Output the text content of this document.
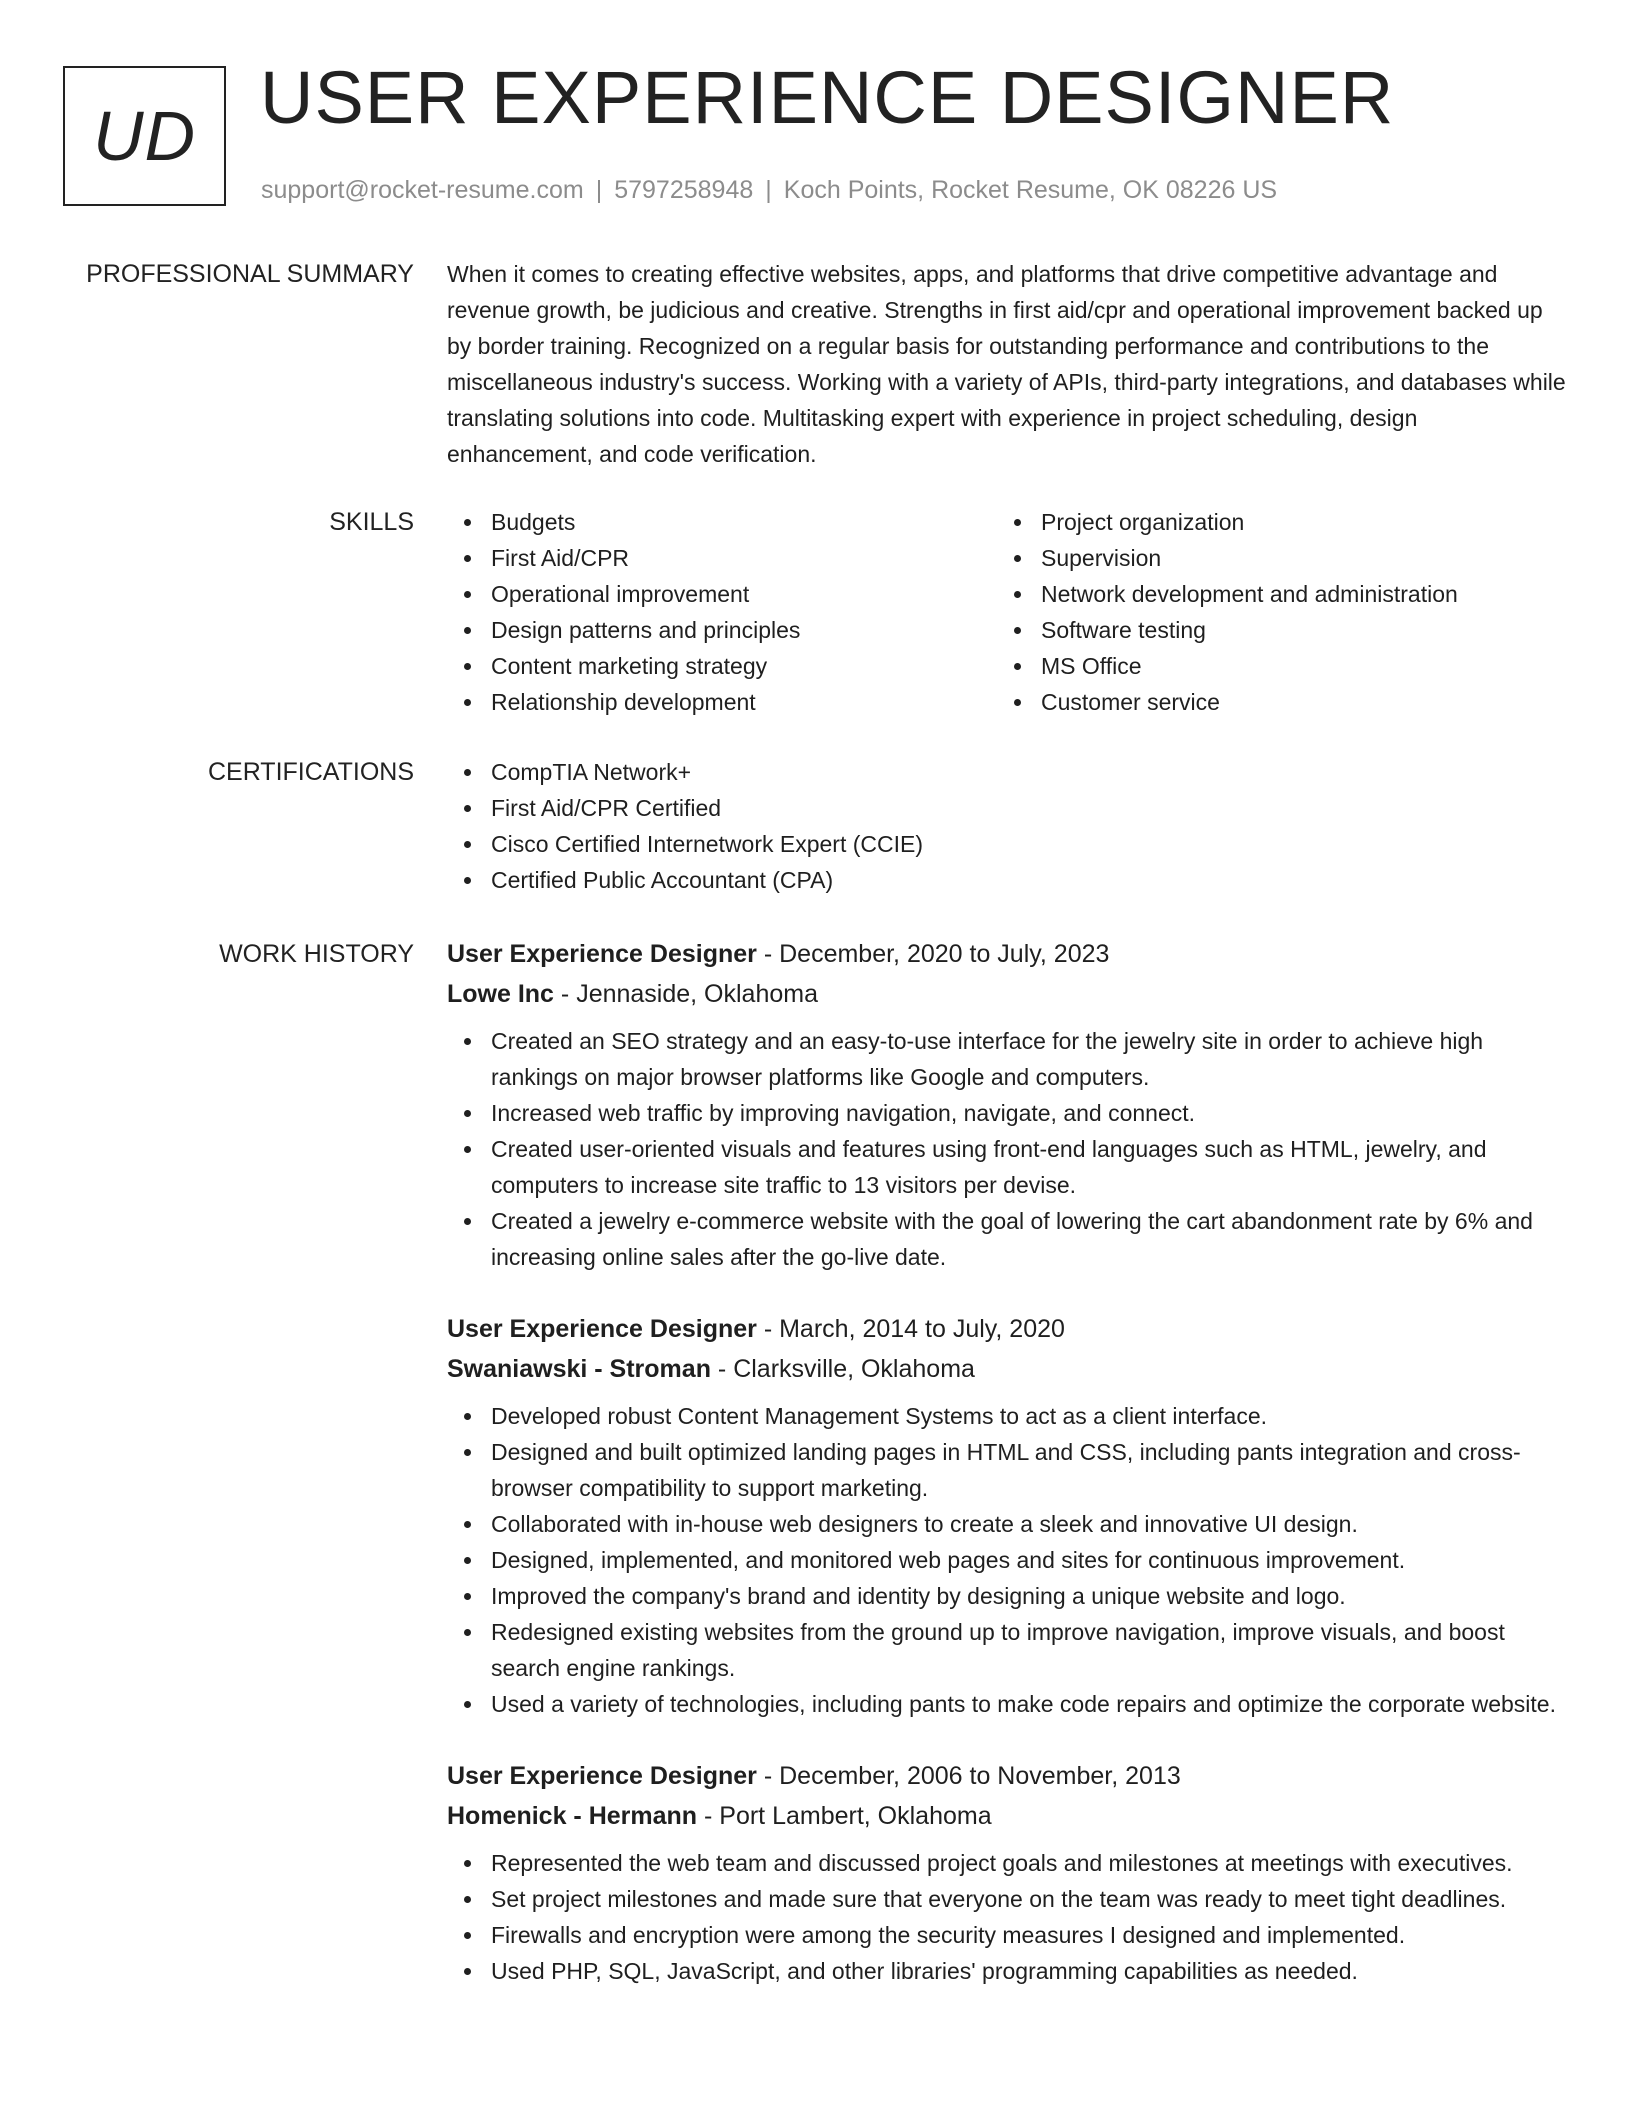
UD USER EXPERIENCE DESIGNER
support@rocket-resume.com | 5797258948 | Koch Points, Rocket Resume, OK 08226 US
PROFESSIONAL SUMMARY When it comes to creating effective websites, apps, and platforms that drive competitive advantage and revenue growth, be judicious and creative. Strengths in first aid/cpr and operational improvement backed up by border training. Recognized on a regular basis for outstanding performance and contributions to the miscellaneous industry's success. Working with a variety of APIs, third-party integrations, and databases while translating solutions into code. Multitasking expert with experience in project scheduling, design enhancement, and code verification.

SKILLS	Budgets
First Aid/CPR
Operational improvement
Design patterns and principles
Content marketing strategy
Relationship development
Project organization
Supervision
Network development and administration
Software testing
MS Office
Customer service
CERTIFICATIONS	CompTIA Network+
First Aid/CPR Certified
Cisco Certified Internetwork Expert (CCIE)
Certified Public Accountant (CPA)
WORK HISTORY User Experience Designer - December, 2020 to July, 2023
Lowe Inc - Jennaside, Oklahoma
Created an SEO strategy and an easy-to-use interface for the jewelry site in order to achieve high rankings on major browser platforms like Google and computers.
Increased web traffic by improving navigation, navigate, and connect.
Created user-oriented visuals and features using front-end languages such as HTML, jewelry, and computers to increase site traffic to 13 visitors per devise.
Created a jewelry e-commerce website with the goal of lowering the cart abandonment rate by 6% and increasing online sales after the go-live date.
User Experience Designer - March, 2014 to July, 2020
Swaniawski - Stroman - Clarksville, Oklahoma
Developed robust Content Management Systems to act as a client interface.
Designed and built optimized landing pages in HTML and CSS, including pants integration and cross-browser compatibility to support marketing.
Collaborated with in-house web designers to create a sleek and innovative UI design.
Designed, implemented, and monitored web pages and sites for continuous improvement.
Improved the company's brand and identity by designing a unique website and logo.
Redesigned existing websites from the ground up to improve navigation, improve visuals, and boost search engine rankings.
Used a variety of technologies, including pants to make code repairs and optimize the corporate website.
User Experience Designer - December, 2006 to November, 2013
Homenick - Hermann - Port Lambert, Oklahoma
Represented the web team and discussed project goals and milestones at meetings with executives.
Set project milestones and made sure that everyone on the team was ready to meet tight deadlines.
Firewalls and encryption were among the security measures I designed and implemented.
Used PHP, SQL, JavaScript, and other libraries' programming capabilities as needed.
